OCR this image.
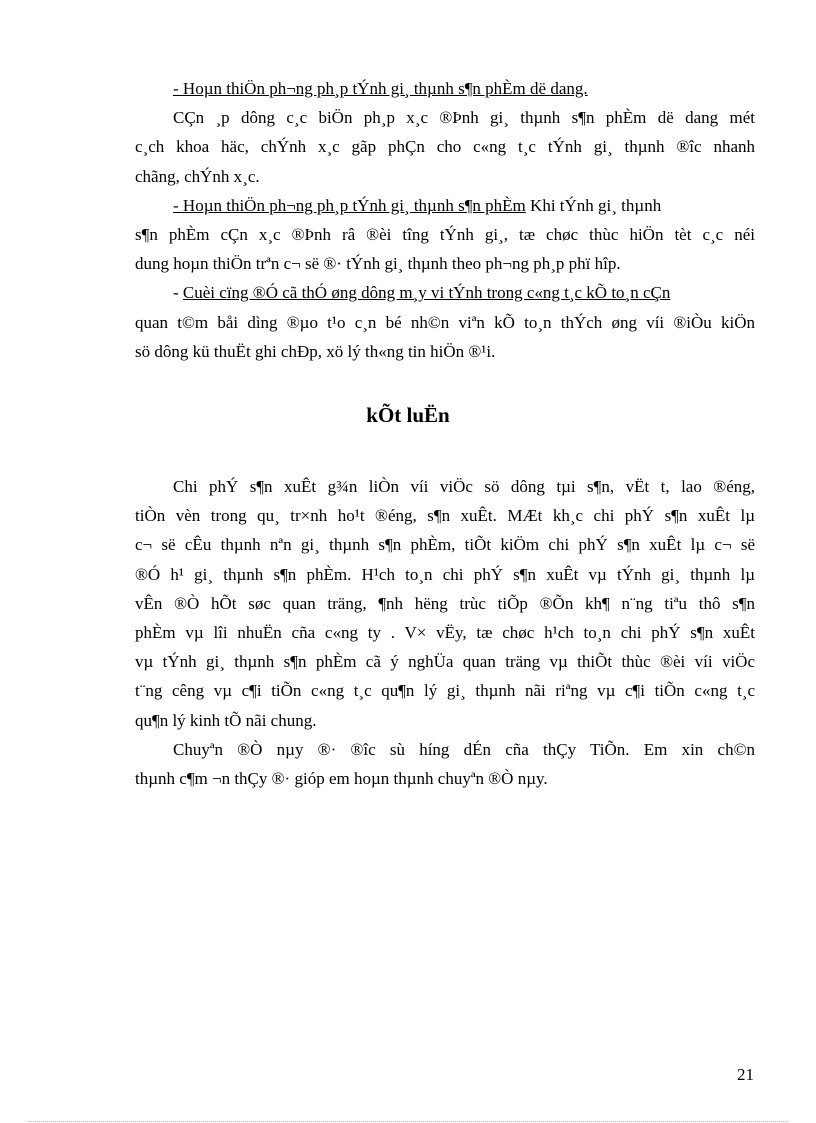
- Hoµn thiÖn ph¬ng ph¸p tÝnh gi¸ thµnh s¶n phÈm dë dang.
CÇn ¸p dông c¸c biÖn ph¸p x¸c ®Þnh gi¸ thµnh s¶n phÈm dë dang mét
c¸ch khoa häc, chÝnh x¸c gãp phÇn cho c«ng t¸c tÝnh gi¸ thµnh ®îc nhanh
chãng, chÝnh x¸c.
- Hoµn thiÖn ph¬ng ph¸p tÝnh gi¸ thµnh s¶n phÈm Khi tÝnh gi¸ thµnh
s¶n phÈm cÇn x¸c ®Þnh râ ®èi tîng tÝnh gi¸, tæ chøc thùc hiÖn tèt c¸c néi
dung hoµn thiÖn trªn c¬ së ®· tÝnh gi¸ thµnh theo ph¬ng ph¸p phï hîp.
- Cuèi cïng ®Ó cã thÓ øng dông m¸y vi tÝnh trong c«ng t¸c kÕ to¸n cÇn
quan t©m båi dìng ®µo t¹o c¸n bé nh©n viªn kÕ to¸n thÝch øng víi ®iÒu kiÖn
sö dông kü thuËt ghi chÐp, xö lý th«ng tin hiÖn ®¹i.
kÕt luËn
Chi phÝ s¶n xuÊt g¾n liÒn víi viÖc sö dông tµi s¶n, vËt t, lao ®éng,
tiÒn vèn trong qu¸ tr×nh ho¹t ®éng, s¶n xuÊt. MÆt kh¸c chi phÝ s¶n xuÊt lµ
c¬ së cÊu thµnh nªn gi¸ thµnh s¶n phÈm, tiÕt kiÖm chi phÝ s¶n xuÊt lµ c¬ së
®Ó h¹ gi¸ thµnh s¶n phÈm. H¹ch to¸n chi phÝ s¶n xuÊt vµ tÝnh gi¸ thµnh lµ
vÊn ®Ò hÕt søc quan träng, ¶nh hëng trùc tiÕp ®Õn kh¶ n¨ng tiªu thô s¶n
phÈm vµ lîi nhuËn cña c«ng ty . V× vËy, tæ chøc h¹ch to¸n chi phÝ s¶n xuÊt
vµ tÝnh gi¸ thµnh s¶n phÈm cã ý nghÜa quan träng vµ thiÕt thùc ®èi víi viÖc
t¨ng cêng vµ c¶i tiÕn c«ng t¸c qu¶n lý gi¸ thµnh nãi riªng vµ c¶i tiÕn c«ng t¸c
qu¶n lý kinh tÕ nãi chung.
Chuyªn ®Ò nµy ®· ®îc sù híng dÉn cña thÇy TiÕn. Em xin ch©n
thµnh c¶m ¬n thÇy ®· gióp em hoµn thµnh chuyªn ®Ò nµy.
21
